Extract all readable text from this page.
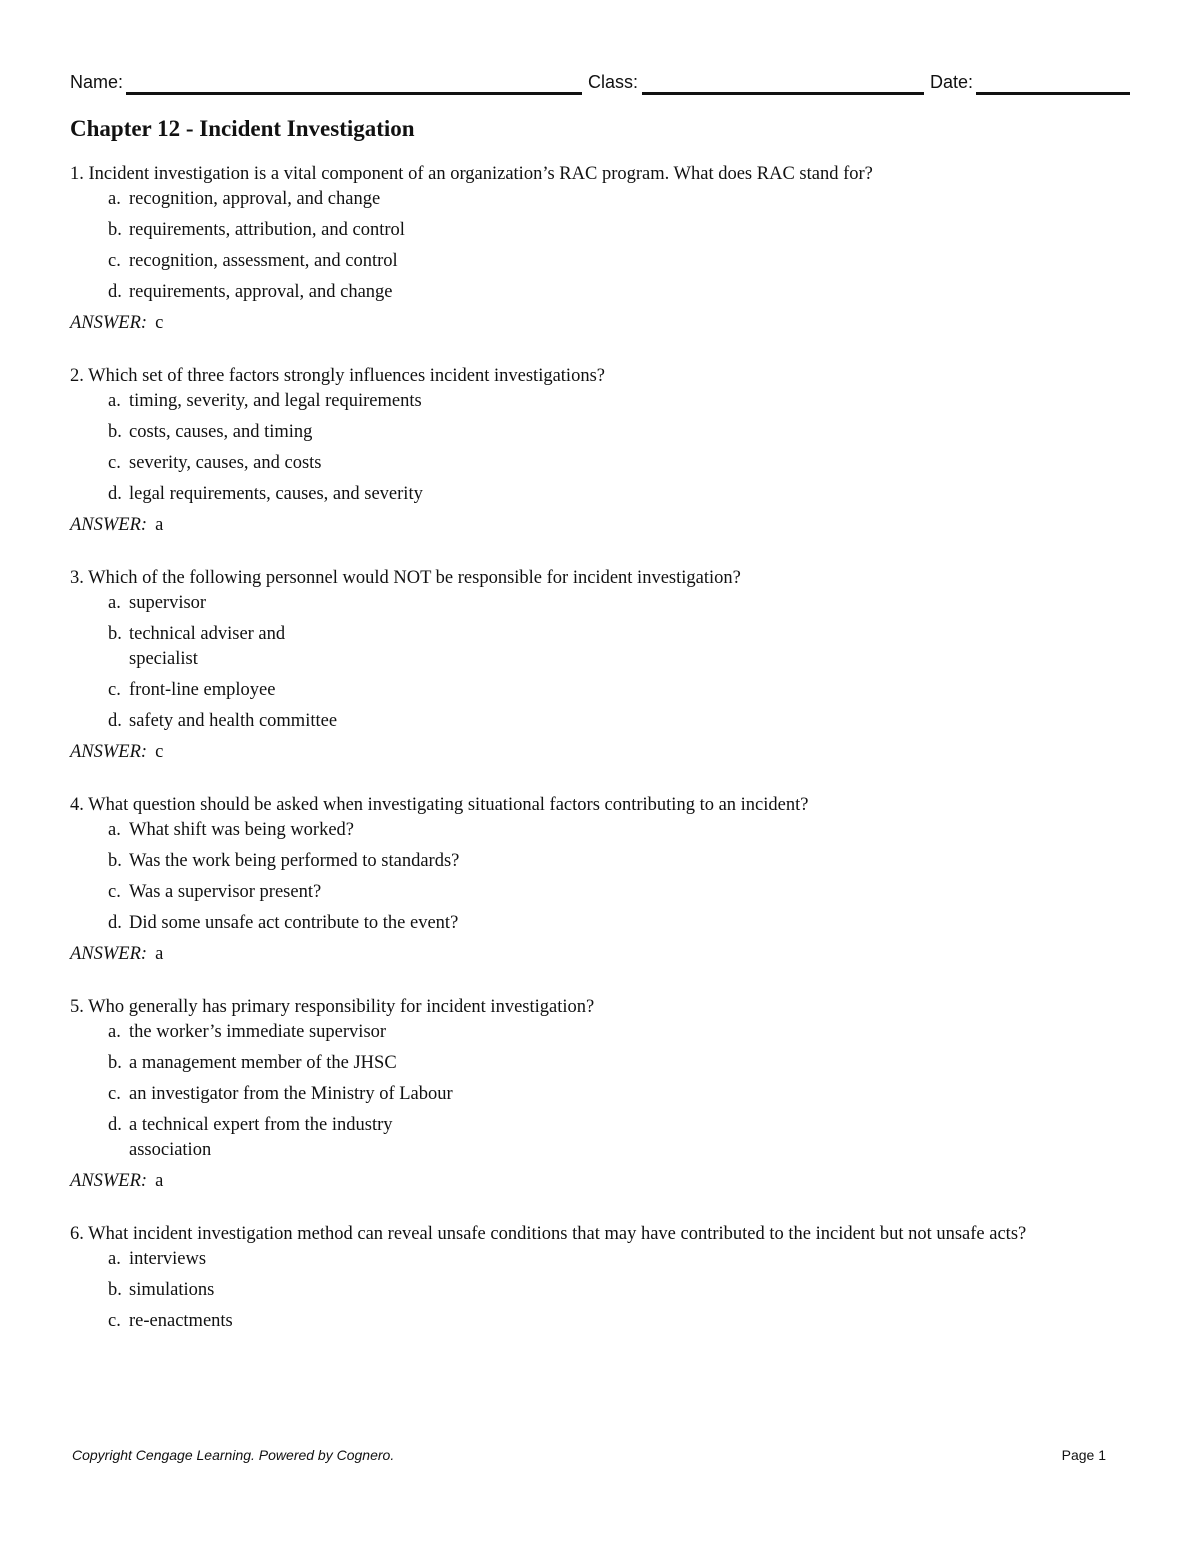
Name:	Class:	Date:
Chapter 12 - Incident Investigation

1. Incident investigation is a vital component of an organization’s RAC program. What does RAC stand for?

a. recognition, approval, and change
b. requirements, attribution, and control
c. recognition, assessment, and control
d. requirements, approval, and change

ANSWER: c

2. Which set of three factors strongly influences incident investigations?

a. timing, severity, and legal requirements
b. costs, causes, and timing
c. severity, causes, and costs
d. legal requirements, causes, and severity

ANSWER: a

3. Which of the following personnel would NOT be responsible for incident investigation?

a. supervisor
b. technical adviser and specialist
c. front-line employee
d. safety and health committee

ANSWER: c

4. What question should be asked when investigating situational factors contributing to an incident?

a. What shift was being worked?
b. Was the work being performed to standards?
c. Was a supervisor present?
d. Did some unsafe act contribute to the event?

ANSWER: a

5. Who generally has primary responsibility for incident investigation?

a. the worker’s immediate supervisor
b. a management member of the JHSC
c. an investigator from the Ministry of Labour
d. a technical expert from the industry association

ANSWER: a

6. What incident investigation method can reveal unsafe conditions that may have contributed to the incident but not unsafe acts?

a. interviews
b. simulations
c. re-enactments
Copyright Cengage Learning. Powered by Cognero.	Page 1
